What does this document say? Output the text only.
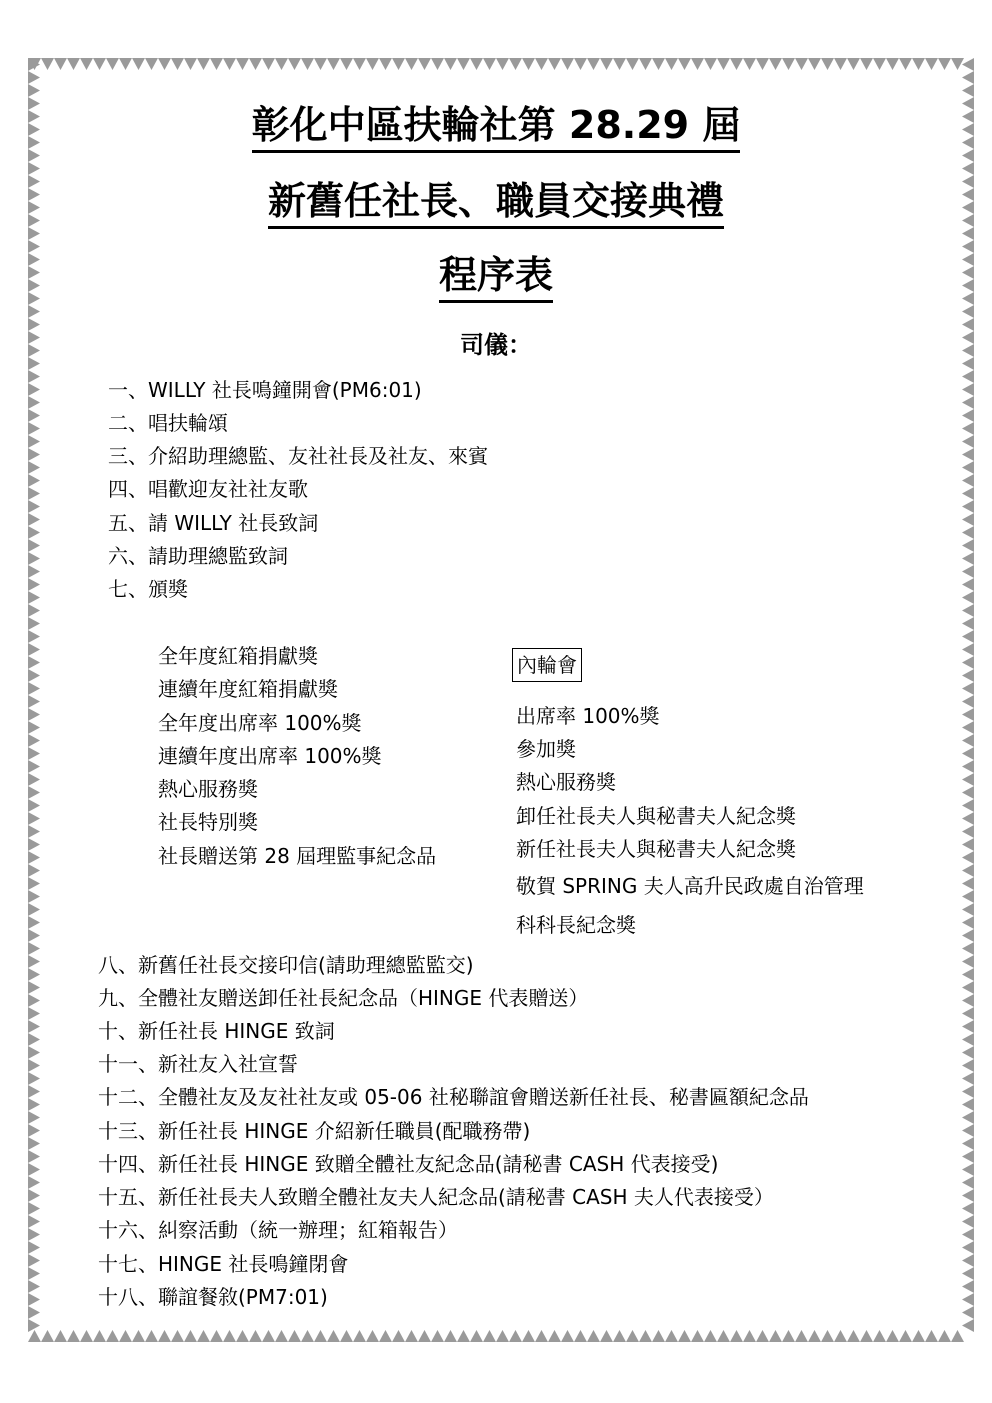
彰化中區扶輪社第 28.29 屆
新舊任社長、職員交接典禮
程序表
司儀：
一、WILLY 社長鳴鐘開會(PM6:01)
二、唱扶輪頌
三、介紹助理總監、友社社長及社友、來賓
四、唱歡迎友社社友歌
五、請 WILLY 社長致詞
六、請助理總監致詞
七、頒獎
全年度紅箱捐獻獎
連續年度紅箱捐獻獎
全年度出席率 100%獎
連續年度出席率 100%獎
熱心服務獎
社長特別獎
社長贈送第 28 屆理監事紀念品
內輪會
出席率 100%獎
參加獎
熱心服務獎
卸任社長夫人與秘書夫人紀念獎
新任社長夫人與秘書夫人紀念獎
敬賀 SPRING 夫人高升民政處自治管理
科科長紀念獎
八、新舊任社長交接印信(請助理總監監交)
九、全體社友贈送卸任社長紀念品（HINGE 代表贈送）
十、新任社長 HINGE 致詞
十一、新社友入社宣誓
十二、全體社友及友社社友或 05-06 社秘聯誼會贈送新任社長、秘書匾額紀念品
十三、新任社長 HINGE 介紹新任職員(配職務帶)
十四、新任社長 HINGE 致贈全體社友紀念品(請秘書 CASH 代表接受)
十五、新任社長夫人致贈全體社友夫人紀念品(請秘書 CASH 夫人代表接受）
十六、糾察活動（統一辦理；紅箱報告）
十七、HINGE 社長鳴鐘閉會
十八、聯誼餐敘(PM7:01)
